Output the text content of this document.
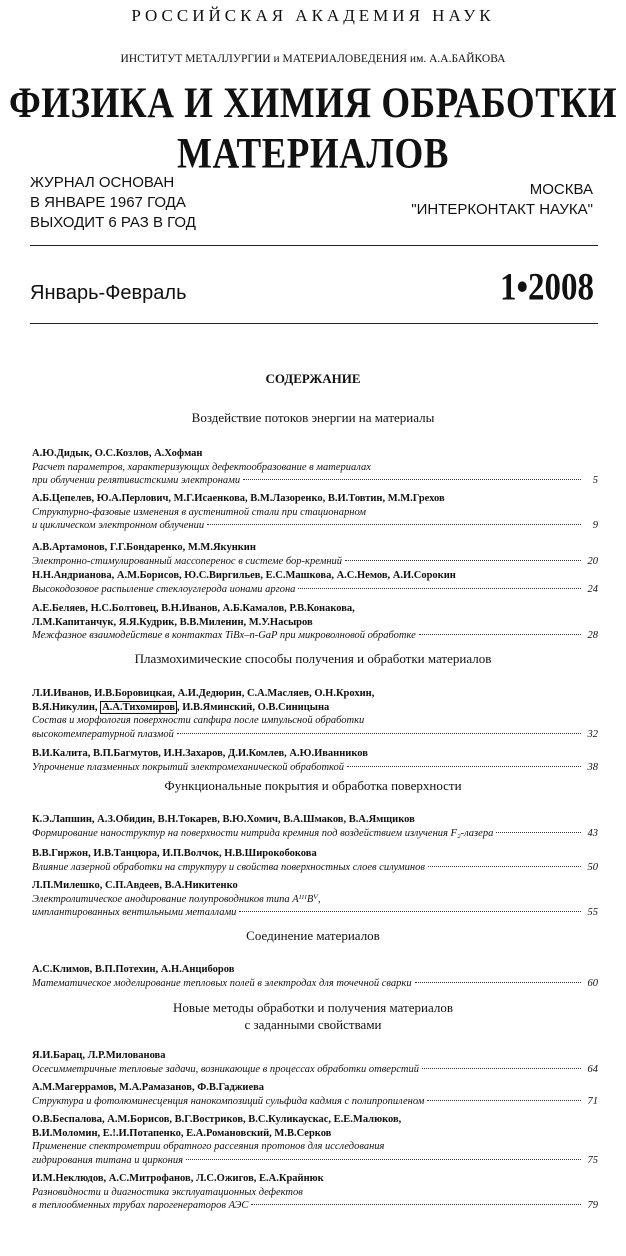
РОССИЙСКАЯ АКАДЕМИЯ НАУК
ИНСТИТУТ МЕТАЛЛУРГИИ и МАТЕРИАЛОВЕДЕНИЯ им. А.А.БАЙКОВА
ФИЗИКА И ХИМИЯ ОБРАБОТКИ МАТЕРИАЛОВ
ЖУРНАЛ ОСНОВАН
В ЯНВАРЕ 1967 ГОДА
ВЫХОДИТ 6 РАЗ В ГОД
МОСКВА
"ИНТЕРКОНТАКТ НАУКА"
Январь-Февраль	1•2008
СОДЕРЖАНИЕ
Воздействие потоков энергии на материалы
А.Ю.Дидык, О.С.Козлов, А.Хофман
Расчет параметров, характеризующих дефектообразование в материалах
при облучении релятивистскими электронами	5
А.Б.Цепелев, Ю.А.Перлович, М.Г.Исаенкова, В.М.Лазоренко, В.И.Товтин, М.М.Грехов
Структурно-фазовые изменения в аустенитной стали при стационарном
и циклическом электронном облучении	9
А.В.Артамонов, Г.Г.Бондаренко, М.М.Якункин
Электронно-стимулированный массоперенос в системе бор-кремний	20
Н.Н.Андрианова, А.М.Борисов, Ю.С.Виргильев, Е.С.Машкова, А.С.Немов, А.И.Сорокин
Высокодозовое распыление стеклоуглерода ионами аргона	24
А.Е.Беляев, Н.С.Болтовец, В.Н.Иванов, А.Б.Камалов, Р.В.Конакова,
Л.М.Капитанчук, Я.Я.Кудрик, В.В.Миленин, М.У.Насыров
Межфазное взаимодействие в контактах TiBx–n-GaP при микроволновой обработке	28
Плазмохимические способы получения и обработки материалов
Л.И.Иванов, И.В.Боровицкая, А.И.Дедюрин, С.А.Масляев, О.Н.Крохин,
В.Я.Никулин, А.А.Тихомиров , И.В.Яминский, О.В.Синицына
Состав и морфология поверхности сапфира после импульсной обработки
высокотемпературной плазмой	32
В.И.Калита, В.П.Багмутов, И.Н.Захаров, Д.И.Комлев, А.Ю.Иванников
Упрочнение плазменных покрытий электромеханической обработкой	38
Функциональные покрытия и обработка поверхности
К.Э.Лапшин, А.З.Обидин, В.Н.Токарев, В.Ю.Хомич, В.А.Шмаков, В.А.Ямщиков
Формирование наноструктур на поверхности нитрида кремния под воздействием излучения F₂-лазера	43
В.В.Гиржон, И.В.Танцюра, И.П.Волчок, Н.В.Широкобокова
Влияние лазерной обработки на структуру и свойства поверхностных слоев силуминов	50
Л.П.Милешко, С.П.Авдеев, В.А.Никитенко
Электролитическое анодирование полупроводников типа AᴵᴵᴵBⱽ,
имплантированных вентильными металлами	55
Соединение материалов
А.С.Климов, В.П.Потехин, А.Н.Анциборов
Математическое моделирование тепловых полей в электродах для точечной сварки	60
Новые методы обработки и получения материалов
с заданными свойствами
Я.И.Барац, Л.Р.Милованова
Осесимметричные тепловые задачи, возникающие в процессах обработки отверстий	64
А.М.Магеррамов, М.А.Рамазанов, Ф.В.Гаджиева
Структура и фотолюминесценция нанокомпозиций сульфида кадмия с полипропиленом	71
О.В.Беспалова, А.М.Борисов, В.Г.Востриков, В.С.Куликаускас, Е.Е.Малюков,
В.И.Моломин, Е.!.И.Потапенко, Е.А.Романовский, М.В.Серков
Применение спектрометрии обратного рассеяния протонов для исследования
гидрирования титана и циркония	75
И.М.Неклюдов, А.С.Митрофанов, Л.С.Ожигов, Е.А.Крайнюк
Разновидности и диагностика эксплуатационных дефектов
в теплообменных трубах парогенераторов АЭС	79
